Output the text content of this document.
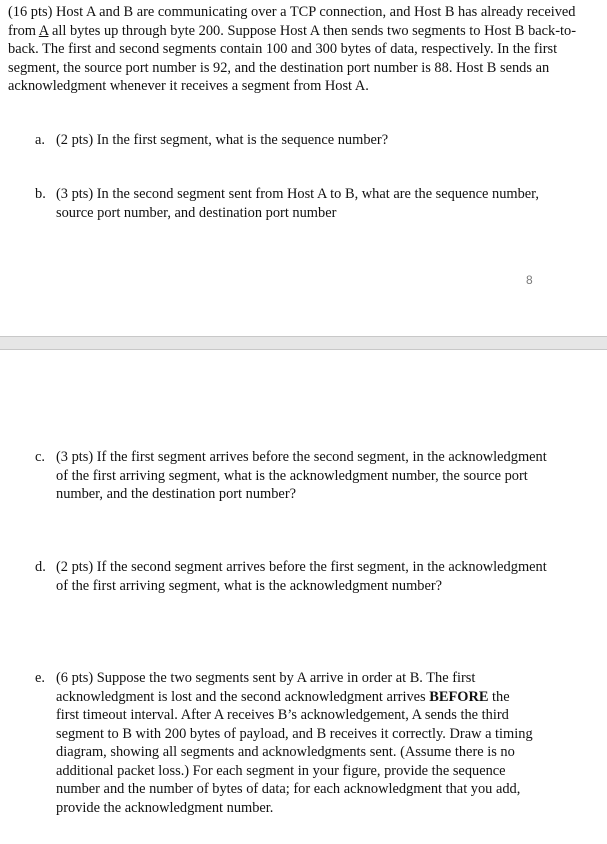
(16 pts) Host A and B are communicating over a TCP connection, and Host B has already received from A all bytes up through byte 200. Suppose Host A then sends two segments to Host B back-to-back. The first and second segments contain 100 and 300 bytes of data, respectively. In the first segment, the source port number is 92, and the destination port number is 88. Host B sends an acknowledgment whenever it receives a segment from Host A.

a. (2 pts) In the first segment, what is the sequence number?
b. (3 pts) In the second segment sent from Host A to B, what are the sequence number, source port number, and destination port number
8
c. (3 pts) If the first segment arrives before the second segment, in the acknowledgment of the first arriving segment, what is the acknowledgment number, the source port number, and the destination port number?
d. (2 pts) If the second segment arrives before the first segment, in the acknowledgment of the first arriving segment, what is the acknowledgment number?
e. (6 pts) Suppose the two segments sent by A arrive in order at B. The first acknowledgment is lost and the second acknowledgment arrives BEFORE the first timeout interval. After A receives B’s acknowledgement, A sends the third segment to B with 200 bytes of payload, and B receives it correctly. Draw a timing diagram, showing all segments and acknowledgments sent. (Assume there is no additional packet loss.) For each segment in your figure, provide the sequence number and the number of bytes of data; for each acknowledgment that you add, provide the acknowledgment number.
